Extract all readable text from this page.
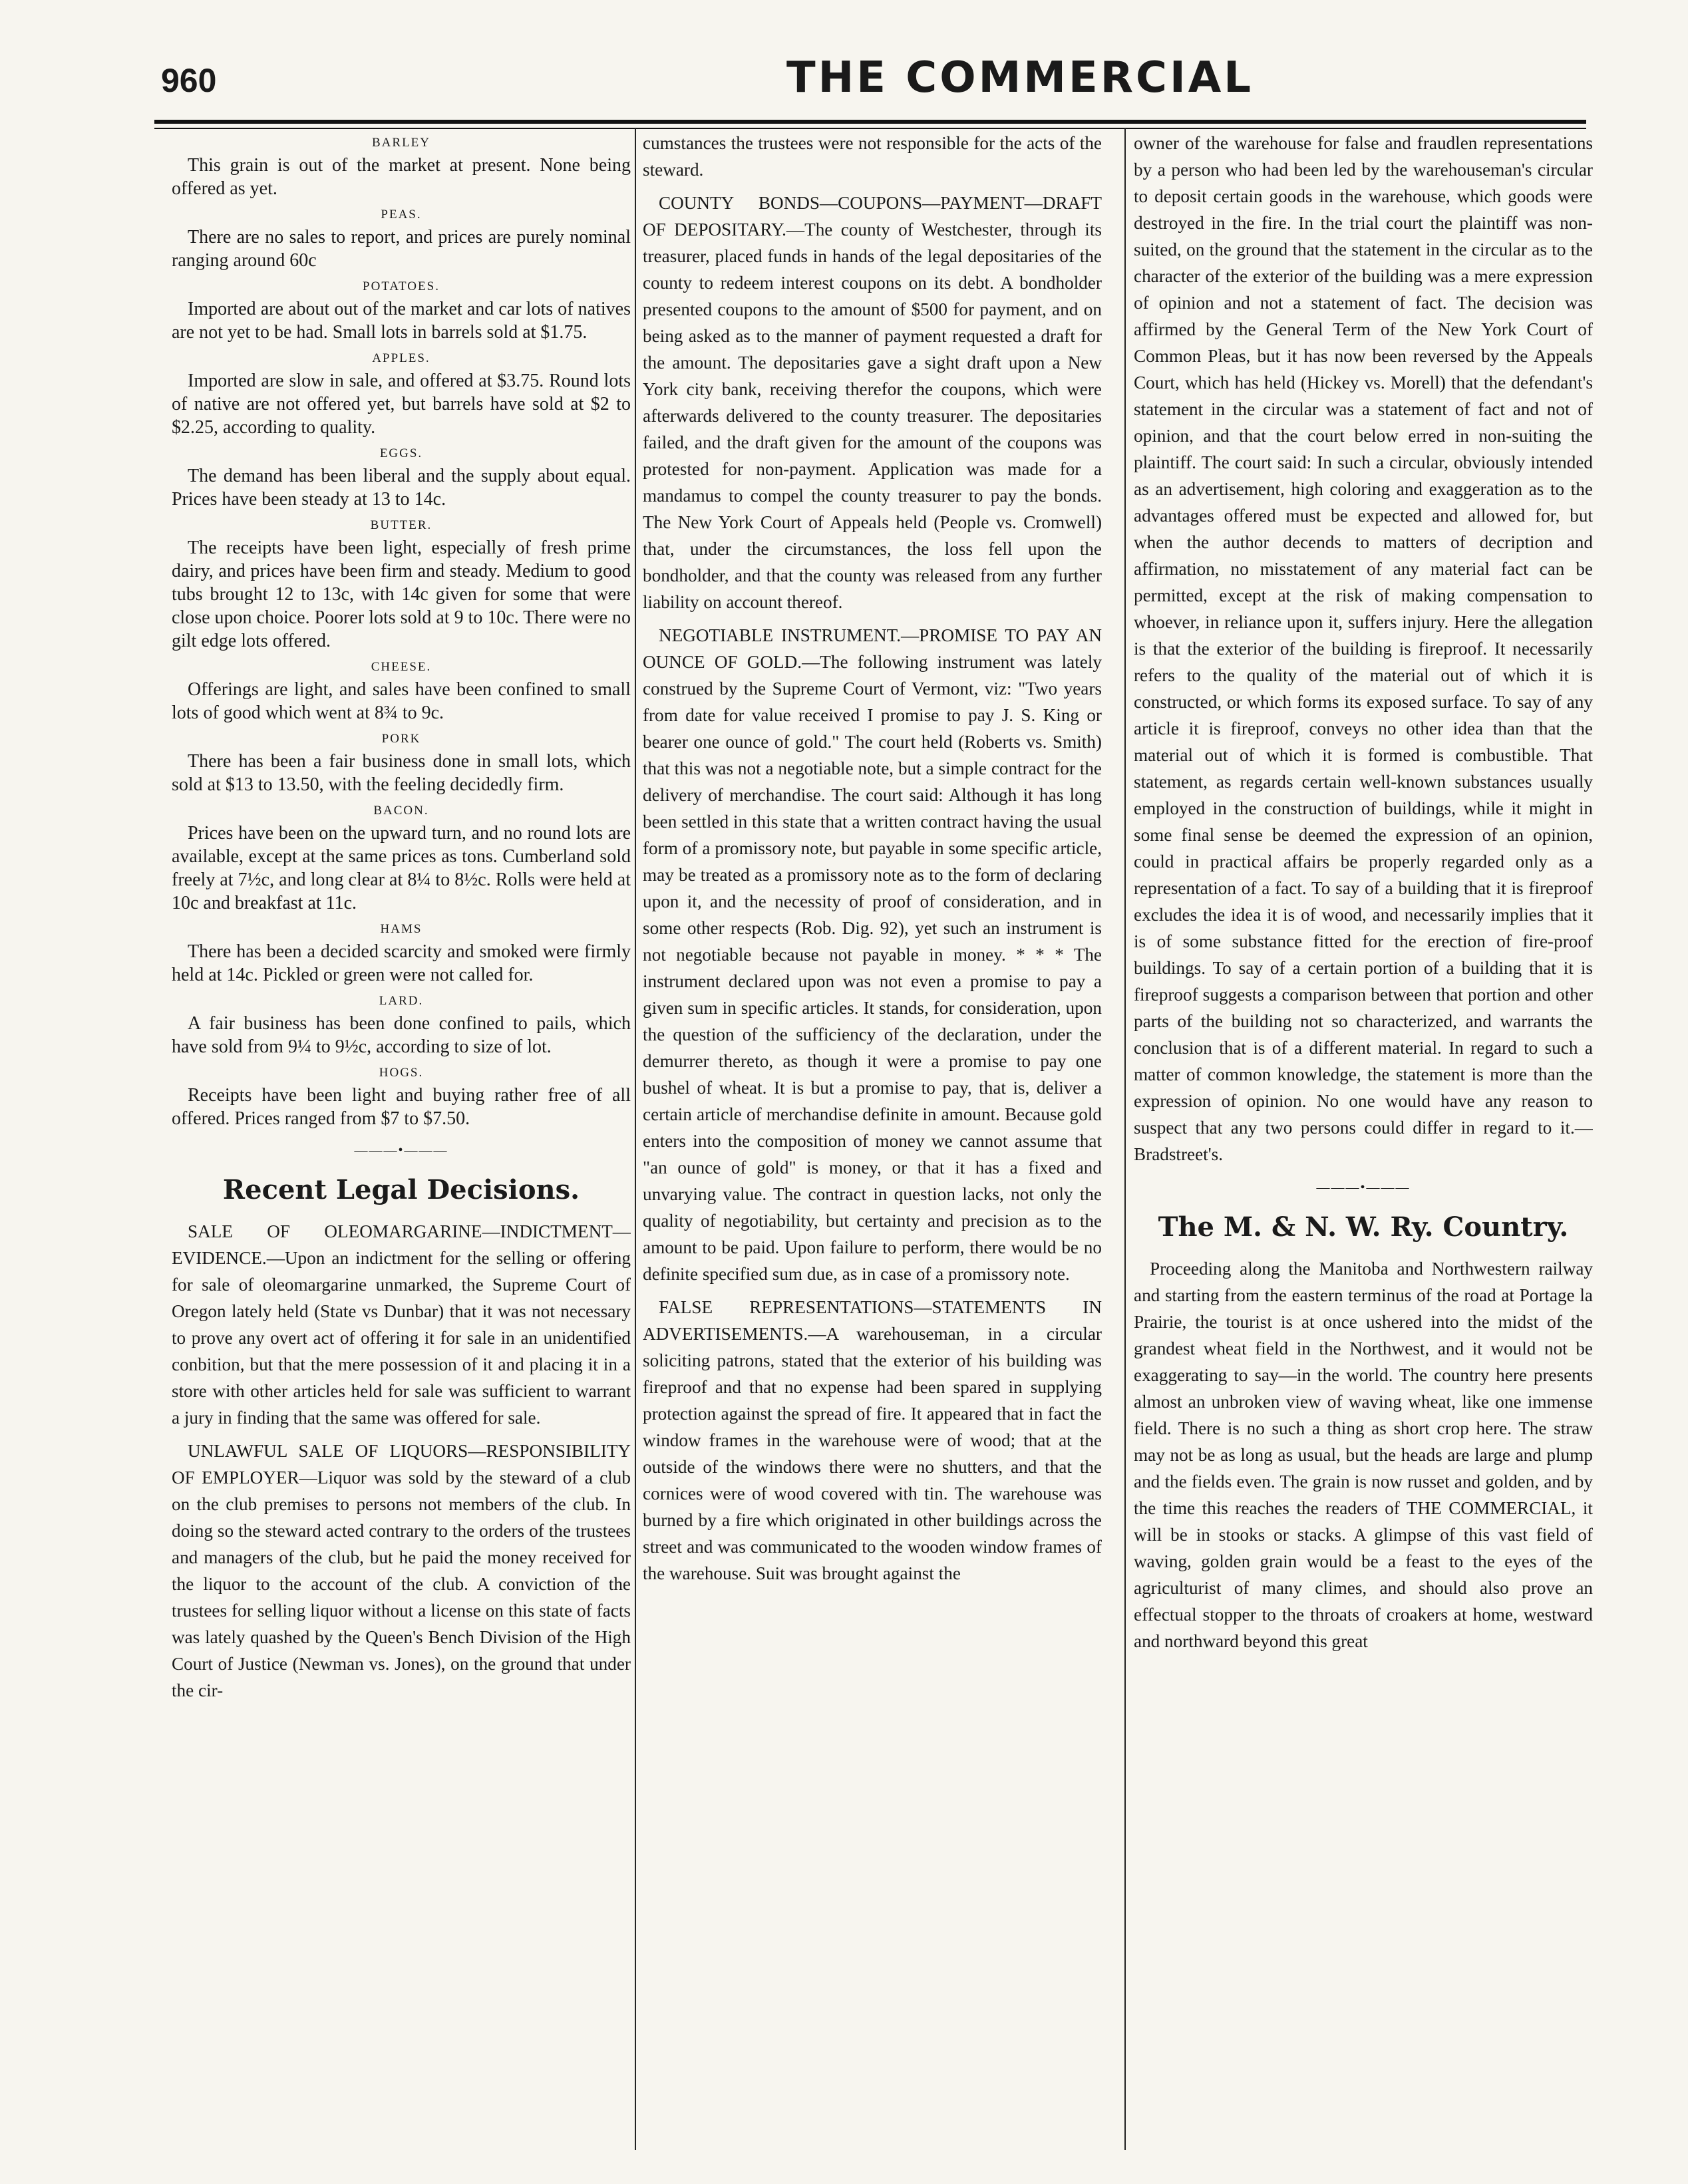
960	THE COMMERCIAL
BARLEY
This grain is out of the market at present. None being offered as yet.
PEAS.
There are no sales to report, and prices are purely nominal ranging around 60c
POTATOES.
Imported are about out of the market and car lots of natives are not yet to be had. Small lots in barrels sold at $1.75.
APPLES.
Imported are slow in sale, and offered at $3.75. Round lots of native are not offered yet, but barrels have sold at $2 to $2.25, according to quality.
EGGS.
The demand has been liberal and the supply about equal. Prices have been steady at 13 to 14c.
BUTTER.
The receipts have been light, especially of fresh prime dairy, and prices have been firm and steady. Medium to good tubs brought 12 to 13c, with 14c given for some that were close upon choice. Poorer lots sold at 9 to 10c. There were no gilt edge lots offered.
CHEESE.
Offerings are light, and sales have been confined to small lots of good which went at 8¾ to 9c.
PORK
There has been a fair business done in small lots, which sold at $13 to 13.50, with the feeling decidedly firm.
BACON.
Prices have been on the upward turn, and no round lots are available, except at the same prices as tons. Cumberland sold freely at 7½c, and long clear at 8¼ to 8½c. Rolls were held at 10c and breakfast at 11c.
HAMS
There has been a decided scarcity and smoked were firmly held at 14c. Pickled or green were not called for.
LARD.
A fair business has been done confined to pails, which have sold from 9¼ to 9½c, according to size of lot.
HOGS.
Receipts have been light and buying rather free of all offered. Prices ranged from $7 to $7.50.
———•———
Recent Legal Decisions.

SALE OF OLEOMARGARINE—INDICTMENT—EVIDENCE.—Upon an indictment for the selling or offering for sale of oleomargarine unmarked, the Supreme Court of Oregon lately held (State vs Dunbar) that it was not necessary to prove any overt act of offering it for sale in an unidentified conbition, but that the mere possession of it and placing it in a store with other articles held for sale was sufficient to warrant a jury in finding that the same was offered for sale.

UNLAWFUL SALE OF LIQUORS—RESPONSIBILITY OF EMPLOYER—Liquor was sold by the steward of a club on the club premises to persons not members of the club. In doing so the steward acted contrary to the orders of the trustees and managers of the club, but he paid the money received for the liquor to the account of the club. A conviction of the trustees for selling liquor without a license on this state of facts was lately quashed by the Queen's Bench Division of the High Court of Justice (Newman vs. Jones), on the ground that under the cir-

cumstances the trustees were not responsible for the acts of the steward.

COUNTY BONDS—COUPONS—PAYMENT—DRAFT OF DEPOSITARY.—The county of Westchester, through its treasurer, placed funds in hands of the legal depositaries of the county to redeem interest coupons on its debt. A bondholder presented coupons to the amount of $500 for payment, and on being asked as to the manner of payment requested a draft for the amount. The depositaries gave a sight draft upon a New York city bank, receiving therefor the coupons, which were afterwards delivered to the county treasurer. The depositaries failed, and the draft given for the amount of the coupons was protested for non-payment. Application was made for a mandamus to compel the county treasurer to pay the bonds. The New York Court of Appeals held (People vs. Cromwell) that, under the circumstances, the loss fell upon the bondholder, and that the county was released from any further liability on account thereof.

NEGOTIABLE INSTRUMENT.—PROMISE TO PAY AN OUNCE OF GOLD.—The following instrument was lately construed by the Supreme Court of Vermont, viz: "Two years from date for value received I promise to pay J. S. King or bearer one ounce of gold." The court held (Roberts vs. Smith) that this was not a negotiable note, but a simple contract for the delivery of merchandise. The court said: Although it has long been settled in this state that a written contract having the usual form of a promissory note, but payable in some specific article, may be treated as a promissory note as to the form of declaring upon it, and the necessity of proof of consideration, and in some other respects (Rob. Dig. 92), yet such an instrument is not negotiable because not payable in money. * * * The instrument declared upon was not even a promise to pay a given sum in specific articles. It stands, for consideration, upon the question of the sufficiency of the declaration, under the demurrer thereto, as though it were a promise to pay one bushel of wheat. It is but a promise to pay, that is, deliver a certain article of merchandise definite in amount. Because gold enters into the composition of money we cannot assume that "an ounce of gold" is money, or that it has a fixed and unvarying value. The contract in question lacks, not only the quality of negotiability, but certainty and precision as to the amount to be paid. Upon failure to perform, there would be no definite specified sum due, as in case of a promissory note.

FALSE REPRESENTATIONS—STATEMENTS IN ADVERTISEMENTS.—A warehouseman, in a circular soliciting patrons, stated that the exterior of his building was fireproof and that no expense had been spared in supplying protection against the spread of fire. It appeared that in fact the window frames in the warehouse were of wood; that at the outside of the windows there were no shutters, and that the cornices were of wood covered with tin. The warehouse was burned by a fire which originated in other buildings across the street and was communicated to the wooden window frames of the warehouse. Suit was brought against the

owner of the warehouse for false and fraudlen representations by a person who had been led by the warehouseman's circular to deposit certain goods in the warehouse, which goods were destroyed in the fire. In the trial court the plaintiff was non-suited, on the ground that the statement in the circular as to the character of the exterior of the building was a mere expression of opinion and not a statement of fact. The decision was affirmed by the General Term of the New York Court of Common Pleas, but it has now been reversed by the Appeals Court, which has held (Hickey vs. Morell) that the defendant's statement in the circular was a statement of fact and not of opinion, and that the court below erred in non-suiting the plaintiff. The court said: In such a circular, obviously intended as an advertisement, high coloring and exaggeration as to the advantages offered must be expected and allowed for, but when the author decends to matters of decription and affirmation, no misstatement of any material fact can be permitted, except at the risk of making compensation to whoever, in reliance upon it, suffers injury. Here the allegation is that the exterior of the building is fireproof. It necessarily refers to the quality of the material out of which it is constructed, or which forms its exposed surface. To say of any article it is fireproof, conveys no other idea than that the material out of which it is formed is combustible. That statement, as regards certain well-known substances usually employed in the construction of buildings, while it might in some final sense be deemed the expression of an opinion, could in practical affairs be properly regarded only as a representation of a fact. To say of a building that it is fireproof excludes the idea it is of wood, and necessarily implies that it is of some substance fitted for the erection of fire-proof buildings. To say of a certain portion of a building that it is fireproof suggests a comparison between that portion and other parts of the building not so characterized, and warrants the conclusion that is of a different material. In regard to such a matter of common knowledge, the statement is more than the expression of opinion. No one would have any reason to suspect that any two persons could differ in regard to it.—Bradstreet's.

———•———
The M. & N. W. Ry. Country.

Proceeding along the Manitoba and Northwestern railway and starting from the eastern terminus of the road at Portage la Prairie, the tourist is at once ushered into the midst of the grandest wheat field in the Northwest, and it would not be exaggerating to say—in the world. The country here presents almost an unbroken view of waving wheat, like one immense field. There is no such a thing as short crop here. The straw may not be as long as usual, but the heads are large and plump and the fields even. The grain is now russet and golden, and by the time this reaches the readers of THE COMMERCIAL, it will be in stooks or stacks. A glimpse of this vast field of waving, golden grain would be a feast to the eyes of the agriculturist of many climes, and should also prove an effectual stopper to the throats of croakers at home, westward and northward beyond this great
